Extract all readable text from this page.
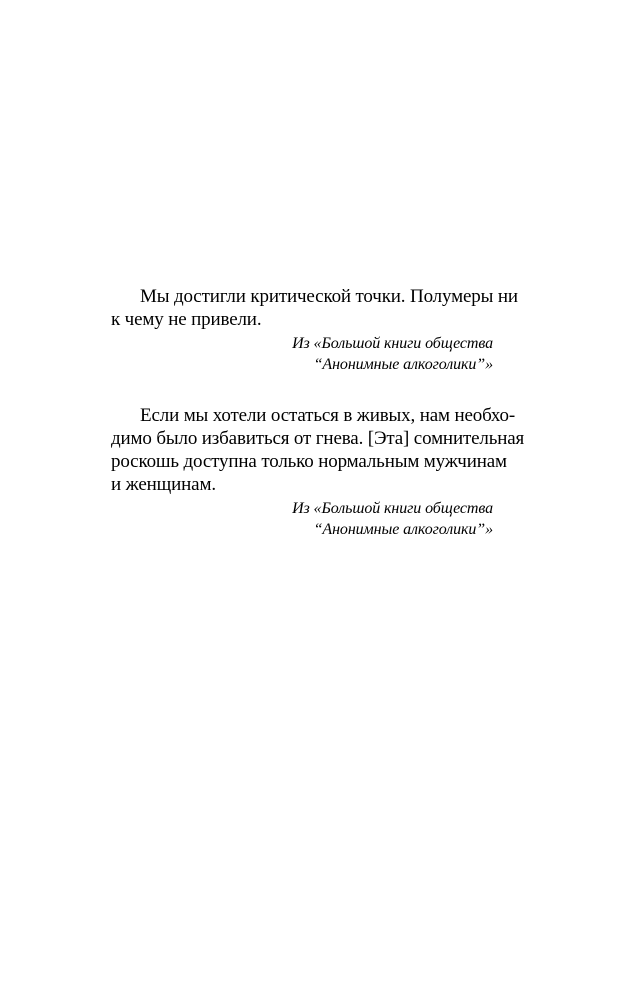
Мы достигли критической точки. Полумеры ни
к чему не привели.
Из «Большой книги общества
“Анонимные алкоголики”»
Если мы хотели остаться в живых, нам необхо-
димо было избавиться от гнева. [Эта] сомнительная
роскошь доступна только нормальным мужчинам
и женщинам.
Из «Большой книги общества
“Анонимные алкоголики”»
